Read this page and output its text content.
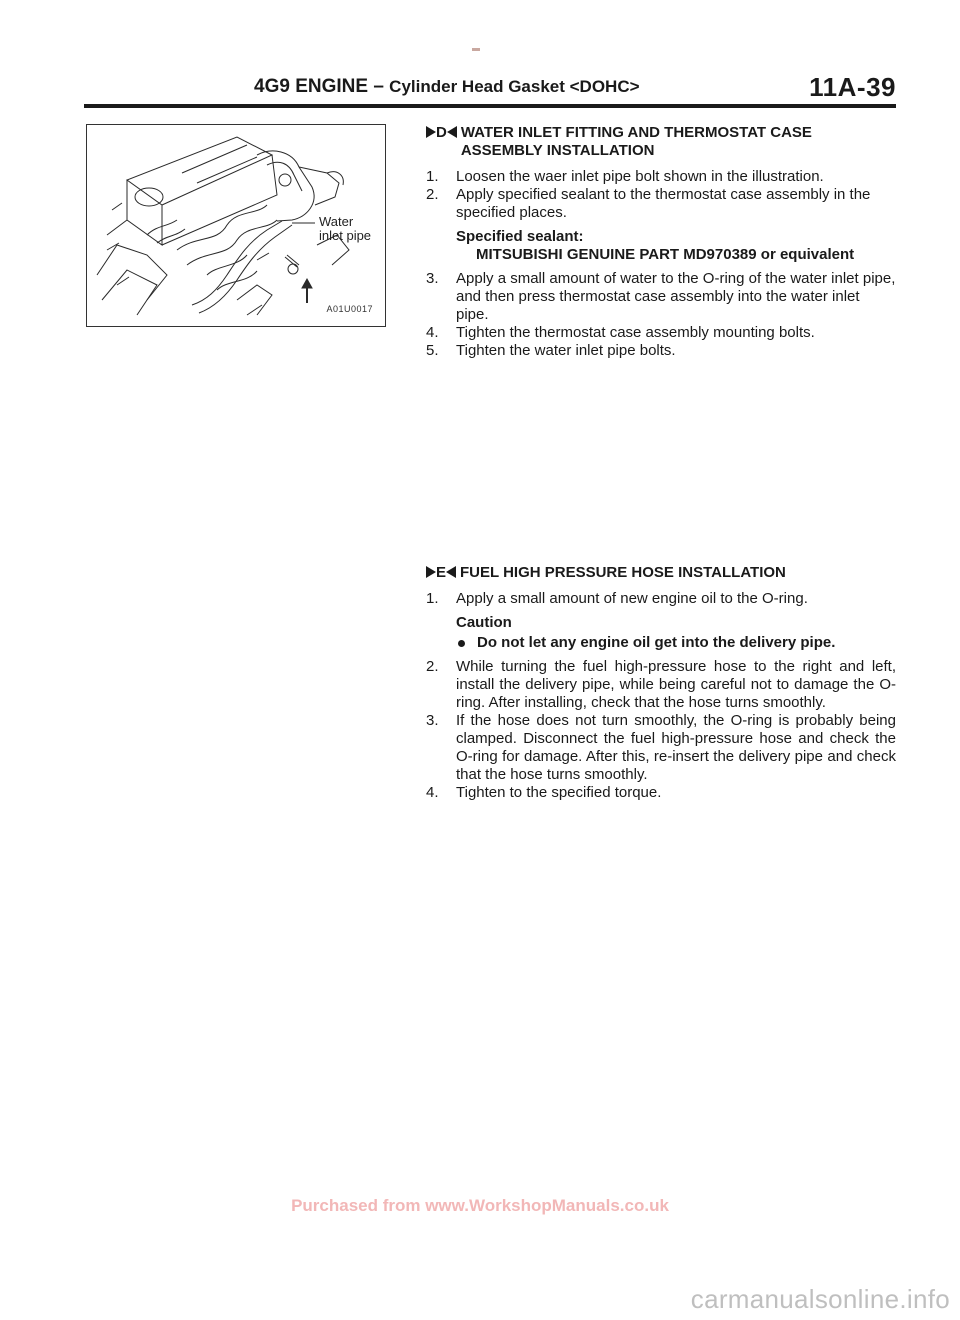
4G9 ENGINE – Cylinder Head Gasket <DOHC>	11A-39
Water
inlet pipe
A01U0017
D WATER INLET FITTING AND THERMOSTAT CASE
ASSEMBLY INSTALLATION
1.	Loosen the waer inlet pipe bolt shown in the illustration.
2.	Apply specified sealant to the thermostat case assembly in the specified places.
Specified sealant:
MITSUBISHI GENUINE PART MD970389 or equivalent
3.	Apply a small amount of water to the O-ring of the water inlet pipe, and then press thermostat case assembly into the water inlet pipe.
4.	Tighten the thermostat case assembly mounting bolts.
5.	Tighten the water inlet pipe bolts.
E FUEL HIGH PRESSURE HOSE INSTALLATION
1.	Apply a small amount of new engine oil to the O-ring.
Caution
Do not let any engine oil get into the delivery pipe.
2.	While turning the fuel high-pressure hose to the right and left, install the delivery pipe, while being careful not to damage the O-ring. After installing, check that the hose turns smoothly.
3.	If the hose does not turn smoothly, the O-ring is probably being clamped. Disconnect the fuel high-pressure hose and check the O-ring for damage. After this, re-insert the delivery pipe and check that the hose turns smoothly.
4.	Tighten to the specified torque.
Purchased from www.WorkshopManuals.co.uk
carmanualsonline.info
